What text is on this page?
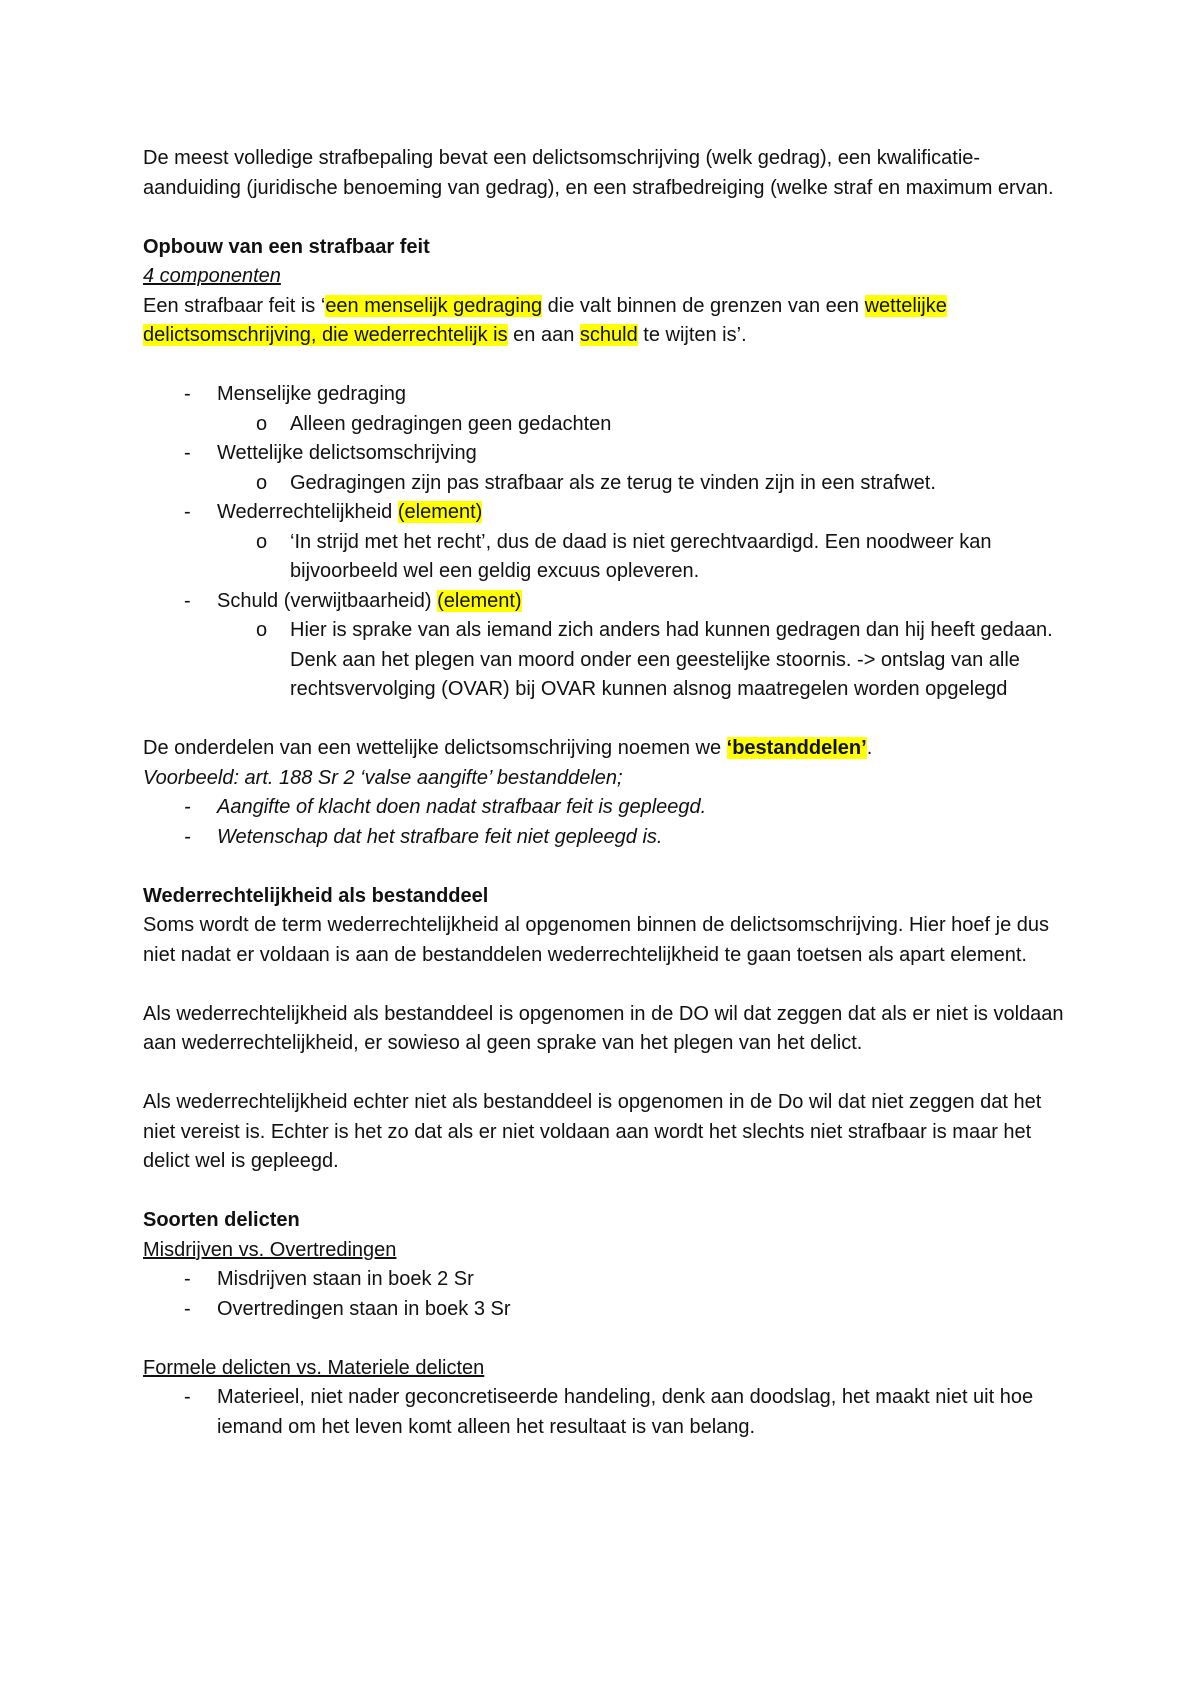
De meest volledige strafbepaling bevat een delictsomschrijving (welk gedrag), een kwalificatie-aanduiding (juridische benoeming van gedrag), en een strafbedreiging (welke straf en maximum ervan.

Opbouw van een strafbaar feit

4 componenten

Een strafbaar feit is ‘een menselijk gedraging die valt binnen de grenzen van een wettelijke delictsomschrijving, die wederrechtelijk is en aan schuld te wijten is’.

- Menselijke gedraging

o Alleen gedragingen geen gedachten

- Wettelijke delictsomschrijving

o Gedragingen zijn pas strafbaar als ze terug te vinden zijn in een strafwet.

- Wederrechtelijkheid (element)

o ‘In strijd met het recht’, dus de daad is niet gerechtvaardigd. Een noodweer kan bijvoorbeeld wel een geldig excuus opleveren.

- Schuld (verwijtbaarheid) (element)

o Hier is sprake van als iemand zich anders had kunnen gedragen dan hij heeft gedaan. Denk aan het plegen van moord onder een geestelijke stoornis. -> ontslag van alle rechtsvervolging (OVAR) bij OVAR kunnen alsnog maatregelen worden opgelegd

De onderdelen van een wettelijke delictsomschrijving noemen we ‘bestanddelen’.

Voorbeeld: art. 188 Sr 2 ‘valse aangifte’ bestanddelen;

- Aangifte of klacht doen nadat strafbaar feit is gepleegd.

- Wetenschap dat het strafbare feit niet gepleegd is.

Wederrechtelijkheid als bestanddeel

Soms wordt de term wederrechtelijkheid al opgenomen binnen de delictsomschrijving. Hier hoef je dus niet nadat er voldaan is aan de bestanddelen wederrechtelijkheid te gaan toetsen als apart element.

Als wederrechtelijkheid als bestanddeel is opgenomen in de DO wil dat zeggen dat als er niet is voldaan aan wederrechtelijkheid, er sowieso al geen sprake van het plegen van het delict.

Als wederrechtelijkheid echter niet als bestanddeel is opgenomen in de Do wil dat niet zeggen dat het niet vereist is. Echter is het zo dat als er niet voldaan aan wordt het slechts niet strafbaar is maar het delict wel is gepleegd.

Soorten delicten

Misdrijven vs. Overtredingen

- Misdrijven staan in boek 2 Sr

- Overtredingen staan in boek 3 Sr

Formele delicten vs. Materiele delicten

- Materieel, niet nader geconcretiseerde handeling, denk aan doodslag, het maakt niet uit hoe iemand om het leven komt alleen het resultaat is van belang.
